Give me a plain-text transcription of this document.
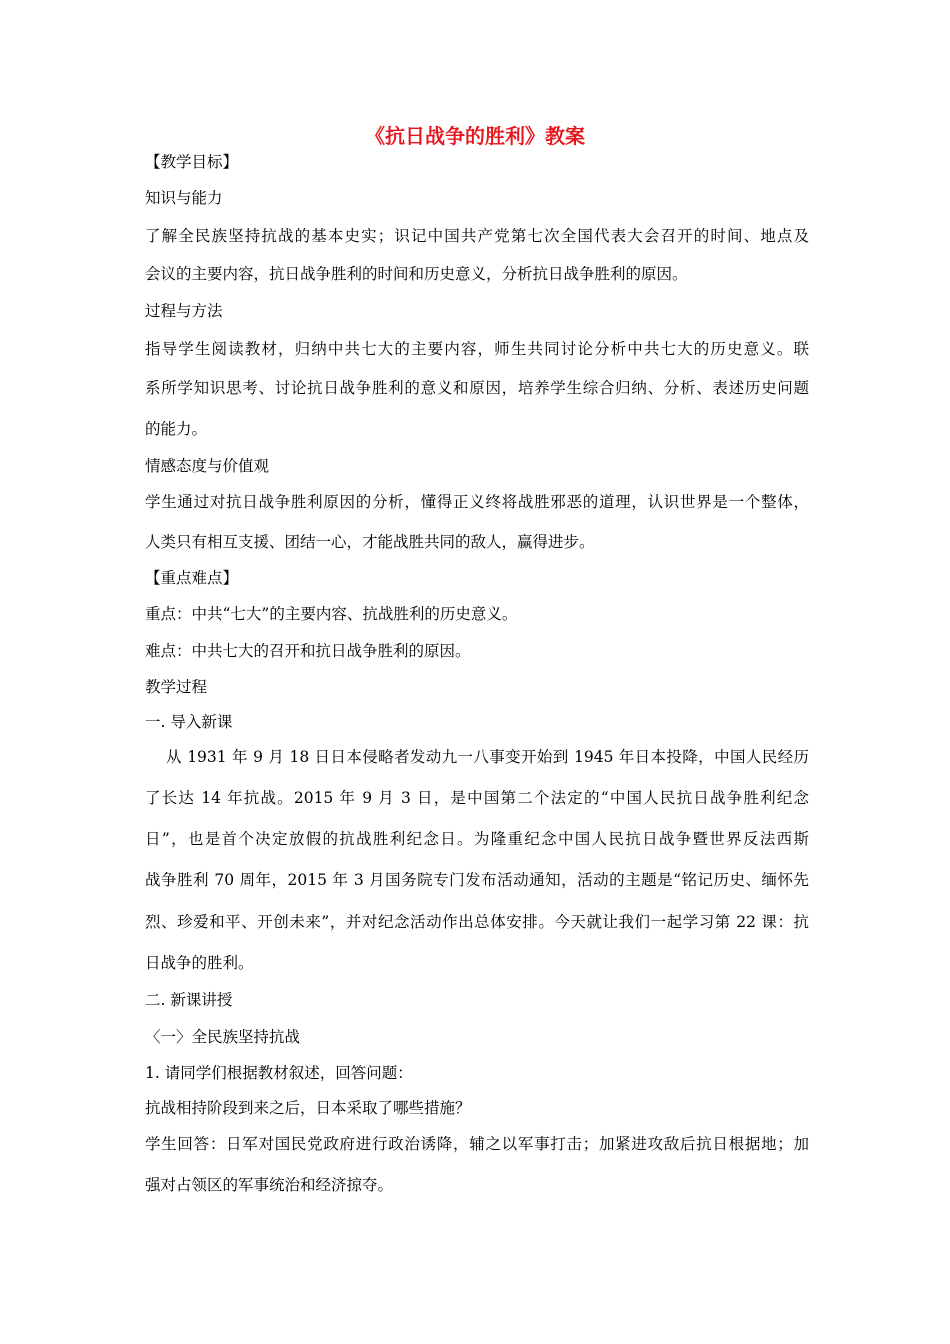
《抗日战争的胜利》教案
【教学目标】
知识与能力
了解全民族坚持抗战的基本史实；识记中国共产党第七次全国代表大会召开的时间、地点及
会议的主要内容，抗日战争胜利的时间和历史意义，分析抗日战争胜利的原因。
过程与方法
指导学生阅读教材，归纳中共七大的主要内容，师生共同讨论分析中共七大的历史意义。联
系所学知识思考、讨论抗日战争胜利的意义和原因，培养学生综合归纳、分析、表述历史问题
的能力。
情感态度与价值观
学生通过对抗日战争胜利原因的分析，懂得正义终将战胜邪恶的道理，认识世界是一个整体，
人类只有相互支援、团结一心，才能战胜共同的敌人，赢得进步。
【重点难点】
重点：中共“七大”的主要内容、抗战胜利的历史意义。
难点：中共七大的召开和抗日战争胜利的原因。
教学过程
一. 导入新课
从 1931 年 9 月 18 日日本侵略者发动九一八事变开始到 1945 年日本投降，中国人民经历
了长达 14 年抗战。2015 年 9 月 3 日，是中国第二个法定的“中国人民抗日战争胜利纪念
日”，也是首个决定放假的抗战胜利纪念日。为隆重纪念中国人民抗日战争暨世界反法西斯
战争胜利 70 周年，2015 年 3 月国务院专门发布活动通知，活动的主题是“铭记历史、缅怀先
烈、珍爱和平、开创未来”，并对纪念活动作出总体安排。今天就让我们一起学习第 22 课：抗
日战争的胜利。
二. 新课讲授
〈一〉全民族坚持抗战
1. 请同学们根据教材叙述，回答问题：
抗战相持阶段到来之后，日本采取了哪些措施？
学生回答：日军对国民党政府进行政治诱降，辅之以军事打击；加紧进攻敌后抗日根据地；加
强对占领区的军事统治和经济掠夺。
